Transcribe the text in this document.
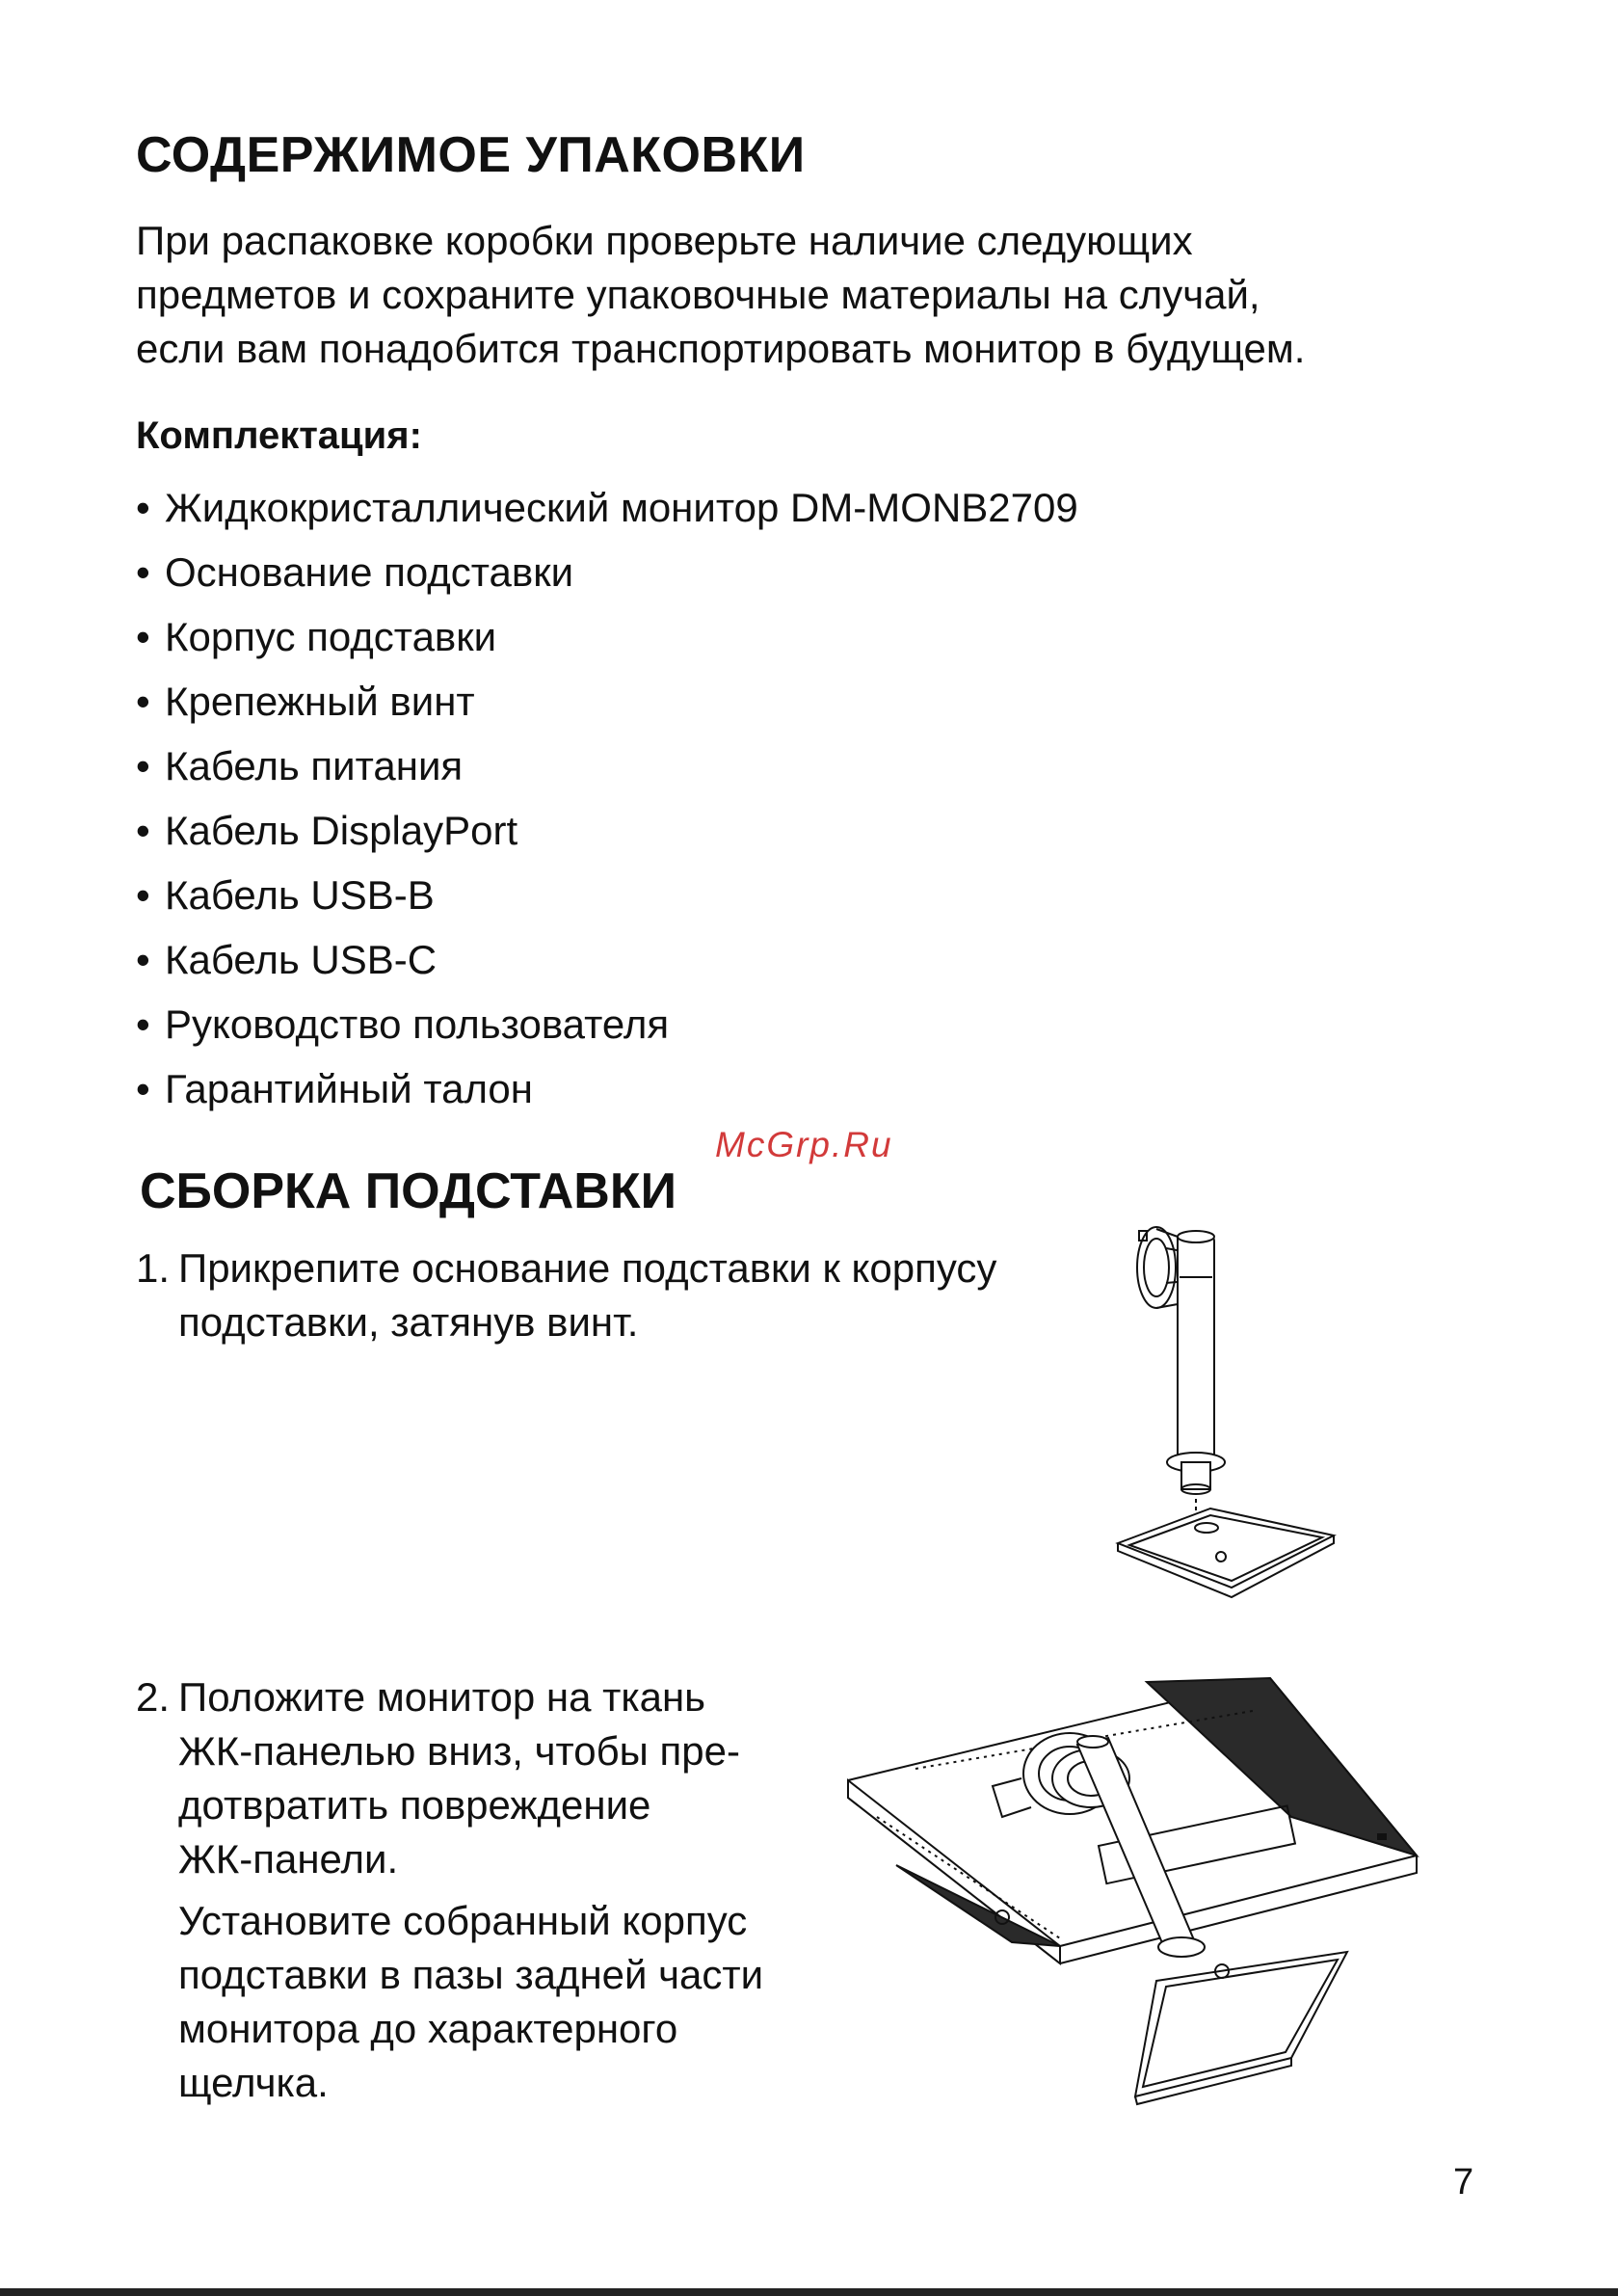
СОДЕРЖИМОЕ УПАКОВКИ

При распаковке коробки проверьте наличие следующих
предметов и сохраните упаковочные материалы на случай,
если вам понадобится транспортировать монитор в будущем.

Комплектация:
• Жидкокристаллический монитор DM-MONB2709
• Основание подставки
• Корпус подставки
• Крепежный винт
• Кабель питания
• Кабель DisplayPort
• Кабель USB-B
• Кабель USB-C
• Руководство пользователя
• Гарантийный талон
McGrp.Ru
СБОРКА ПОДСТАВКИ
1. Прикрепите основание подставки к корпусу
подставки, затянув винт.
2. Положите монитор на ткань
ЖК-панелью вниз, чтобы пре-
дотвратить повреждение
ЖК-панели.
Установите собранный корпус
подставки в пазы задней части
монитора до характерного
щелчка.
7
